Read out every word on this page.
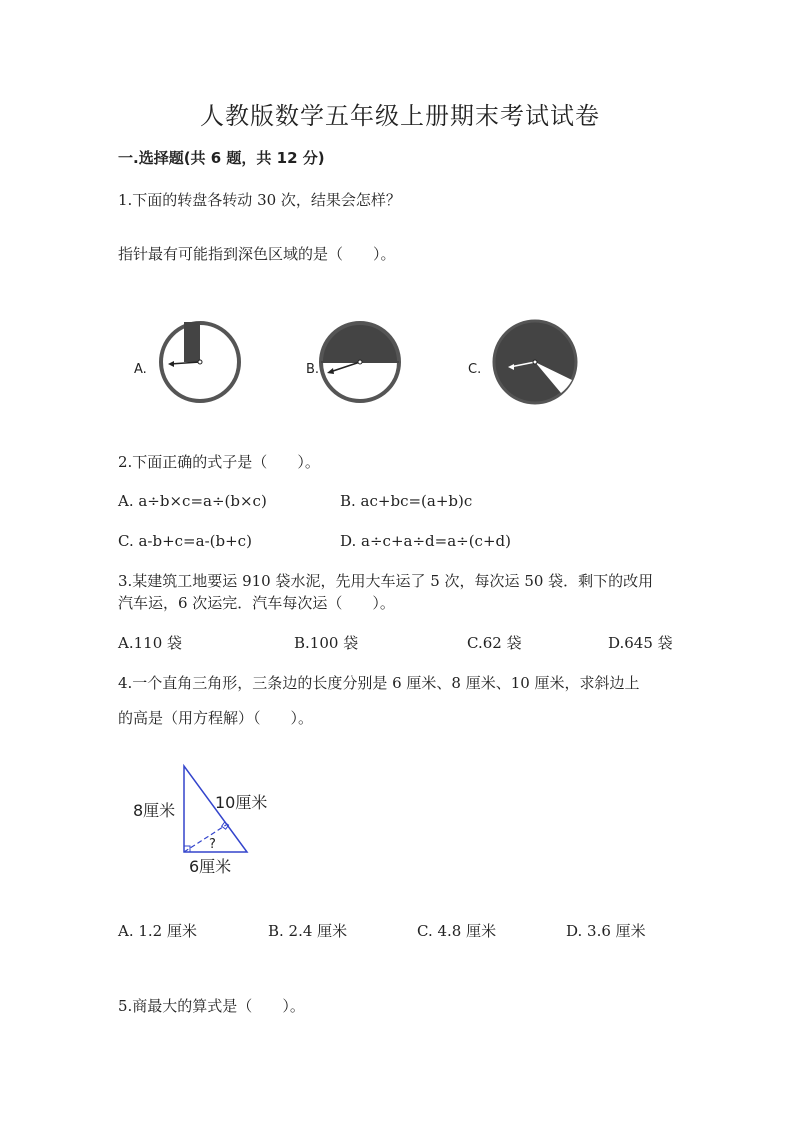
人教版数学五年级上册期末考试试卷
一.选择题(共 6 题，共 12 分)
1.下面的转盘各转动 30 次，结果会怎样？
指针最有可能指到深色区域的是（　　）。
A.	B.	C.
2.下面正确的式子是（　　）。
A. a÷b×c=a÷(b×c)	B. ac+bc=(a+b)c
C. a-b+c=a-(b+c)	D. a÷c+a÷d=a÷(c+d)
3.某建筑工地要运 910 袋水泥，先用大车运了 5 次，每次运 50 袋．剩下的改用
汽车运，6 次运完．汽车每次运（　　）。
A.110 袋	B.100 袋	C.62 袋	D.645 袋
4.一个直角三角形，三条边的长度分别是 6 厘米、8 厘米、10 厘米，求斜边上
的高是（用方程解）（　　）。
8厘米 10厘米
?
6厘米
A. 1.2 厘米	B. 2.4 厘米	C. 4.8 厘米	D. 3.6 厘米
5.商最大的算式是（　　）。
